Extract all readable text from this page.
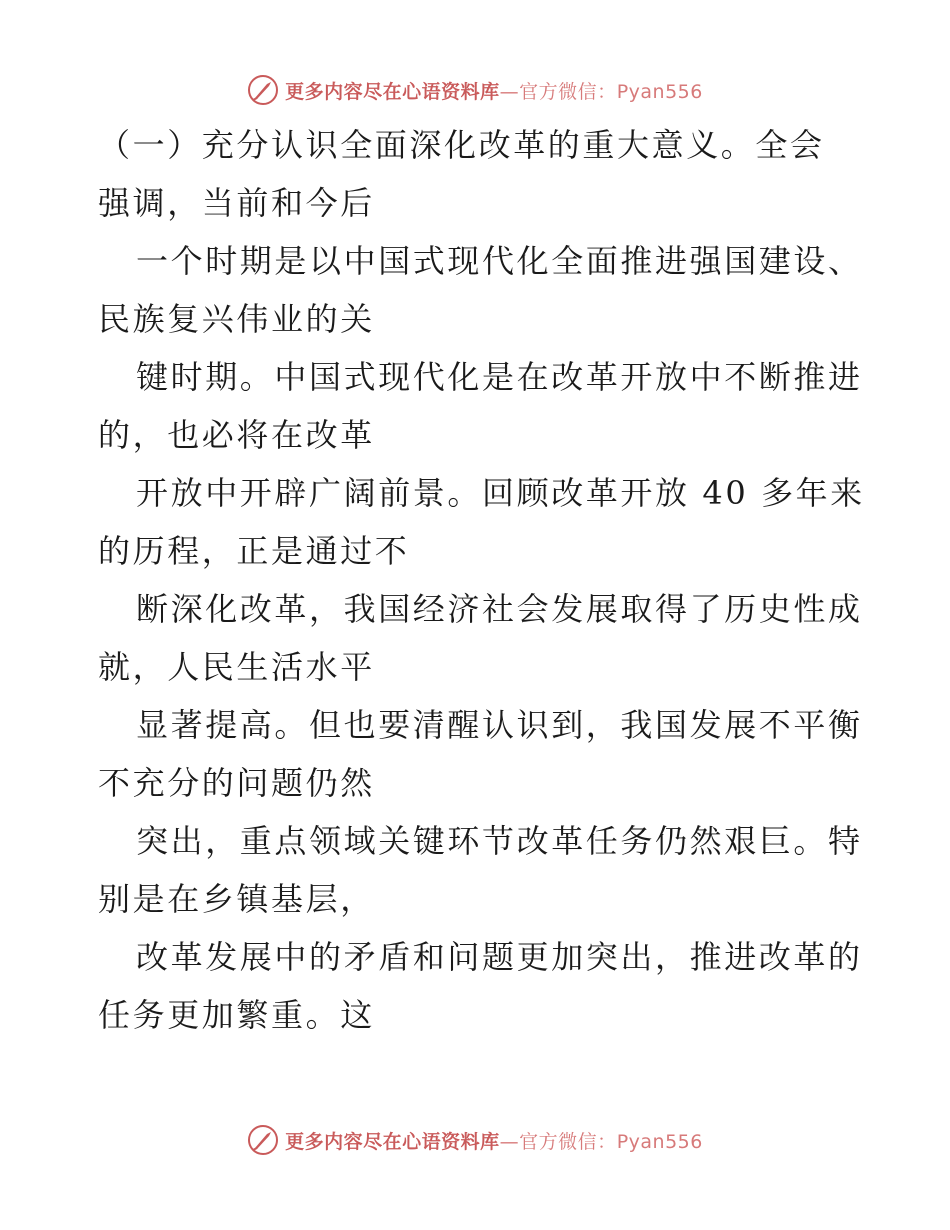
更多内容尽在心语资料库—官方微信：Pyan556
（一）充分认识全面深化改革的重大意义。全会
强调，当前和今后
一个时期是以中国式现代化全面推进强国建设、
民族复兴伟业的关
键时期。中国式现代化是在改革开放中不断推进
的，也必将在改革
开放中开辟广阔前景。回顾改革开放 40 多年来
的历程，正是通过不
断深化改革，我国经济社会发展取得了历史性成
就，人民生活水平
显著提高。但也要清醒认识到，我国发展不平衡
不充分的问题仍然
突出，重点领域关键环节改革任务仍然艰巨。特
别是在乡镇基层，
改革发展中的矛盾和问题更加突出，推进改革的
任务更加繁重。这
更多内容尽在心语资料库—官方微信：Pyan556
